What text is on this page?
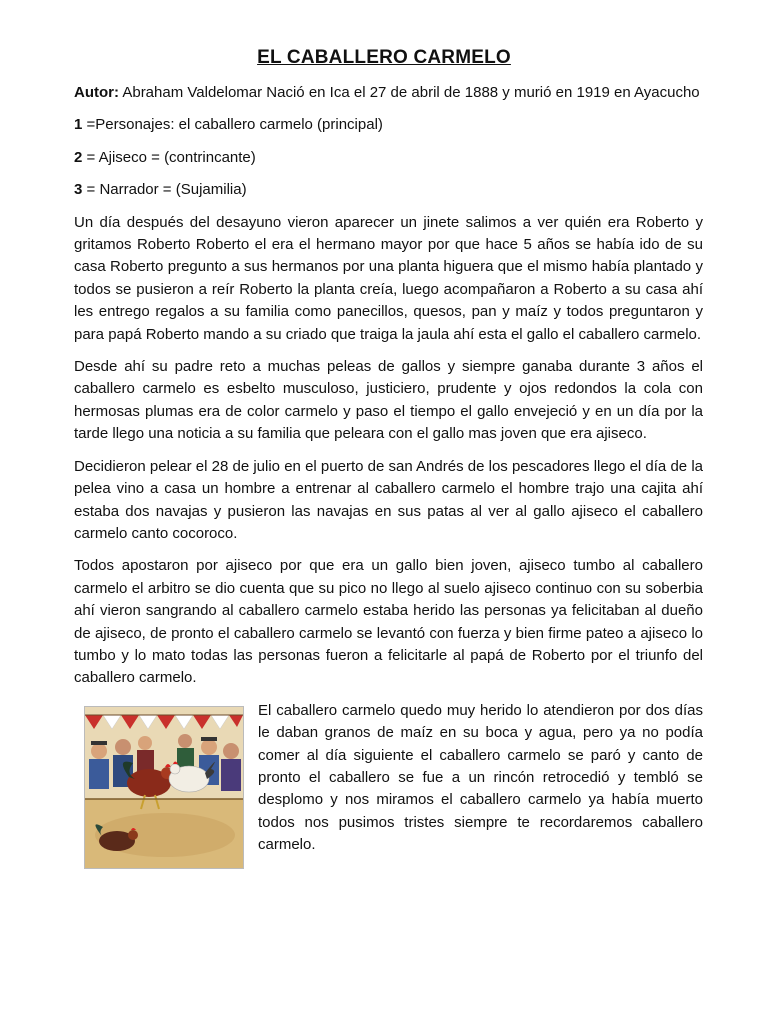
EL CABALLERO CARMELO

Autor: Abraham Valdelomar Nació en Ica el 27 de abril de 1888 y murió en 1919 en Ayacucho

1 =Personajes: el caballero carmelo (principal)

2 = Ajiseco = (contrincante)

3 = Narrador = (Sujamilia)

Un día después del desayuno vieron aparecer un jinete salimos a ver quién era Roberto y gritamos Roberto Roberto el era el hermano mayor por que hace 5 años se había ido de su casa Roberto pregunto a sus hermanos por una planta higuera que el mismo había plantado y todos se pusieron a reír Roberto la planta creía, luego acompañaron a Roberto a su casa ahí les entrego regalos a su familia como panecillos, quesos, pan y maíz y todos preguntaron y para papá Roberto mando a su criado que traiga la jaula ahí esta el gallo el caballero carmelo.

Desde ahí su padre reto a muchas peleas de gallos y siempre ganaba durante 3 años el caballero carmelo es esbelto musculoso, justiciero, prudente y ojos redondos la cola con hermosas plumas era de color carmelo y paso el tiempo el gallo envejeció y en un día por la tarde llego una noticia a su familia que peleara con el gallo mas joven que era ajiseco.

Decidieron pelear el 28 de julio en el puerto de san Andrés de los pescadores llego el día de la pelea vino a casa un hombre a entrenar al caballero carmelo el hombre trajo una cajita ahí estaba dos navajas y pusieron las navajas en sus patas al ver al gallo ajiseco el caballero carmelo canto cocoroco.

Todos apostaron por ajiseco por que era un gallo bien joven, ajiseco tumbo al caballero carmelo el arbitro se dio cuenta que su pico no llego al suelo ajiseco continuo con su soberbia ahí vieron sangrando al caballero carmelo estaba herido las personas ya felicitaban al dueño de ajiseco, de pronto el caballero carmelo se levantó con fuerza y bien firme pateo a ajiseco lo tumbo y lo mato todas las personas fueron a felicitarle al papá de Roberto por el triunfo del caballero carmelo.

El caballero carmelo quedo muy herido lo atendieron por dos días le daban granos de maíz en su boca y agua, pero ya no podía comer al día siguiente el caballero carmelo se paró y canto de pronto el caballero se fue a un rincón retrocedió y tembló se desplomo y nos miramos el caballero carmelo ya había muerto todos nos pusimos tristes siempre te recordaremos caballero carmelo.
